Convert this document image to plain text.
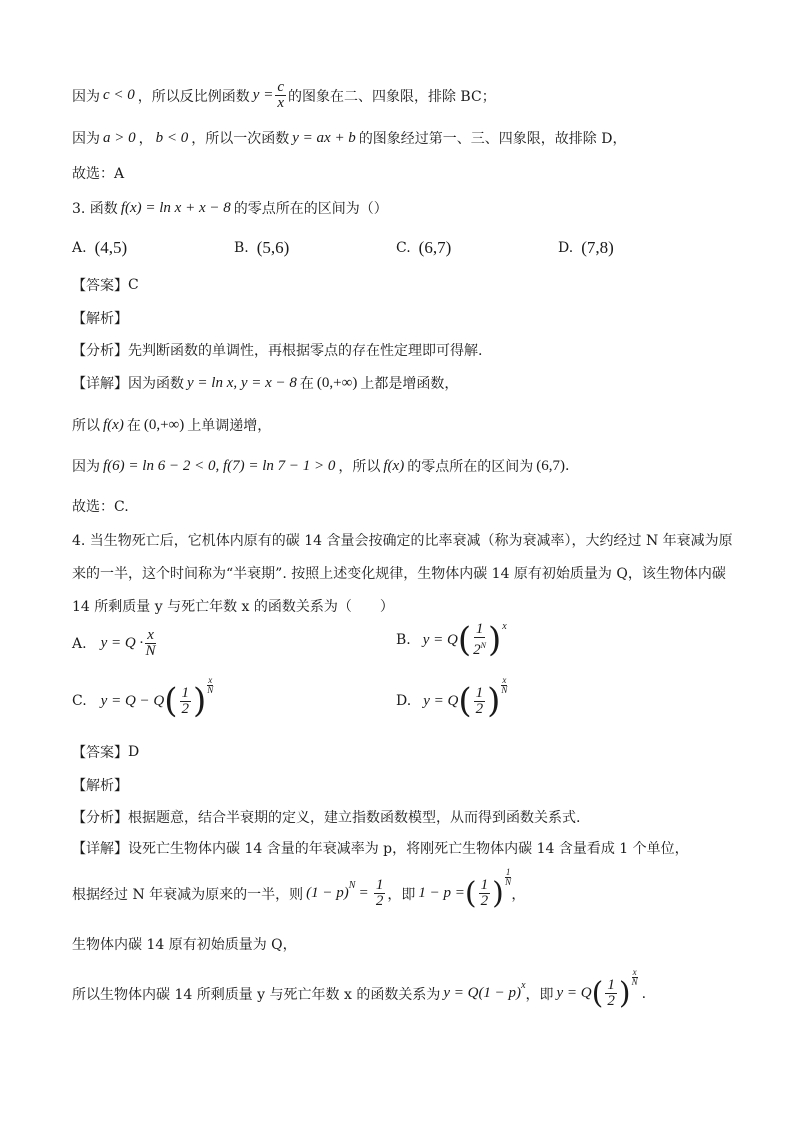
因为 c < 0 ，所以反比例函数 $y = \frac{c}{x}$ 的图象在二、四象限，排除 BC；
因为 a > 0 ， b < 0 ，所以一次函数 y = ax + b 的图象经过第一、三、四象限，故排除 D，
故选：A
3. 函数 f(x) = ln x + x − 8 的零点所在的区间为（）
A. (4,5)	B. (5,6)	C. (6,7)	D. (7,8)
【答案】 C
【解析】
【分析】 先判断函数的单调性，再根据零点的存在性定理即可得解.
【详解】 因为函数 y = ln x, y = x − 8 在 (0,+∞) 上都是增函数，
所以 f(x) 在 (0,+∞) 上单调递增，
因为 f(6) = ln 6 − 2 < 0, f(7) = ln 7 − 1 > 0 ，所以 f(x) 的零点所在的区间为 (6,7) .
故选：C.
4. 当生物死亡后，它机体内原有的碳 14 含量会按确定的比率衰减（称为衰减率），大约经过 N 年衰减为原
来的一半，这个时间称为“半衰期”. 按照上述变化规律，生物体内碳 14 原有初始质量为 Q，该生物体内碳
14 所剩质量 y 与死亡年数 x 的函数关系为（　　）
A. $y = Q \cdot \frac{x}{N}$	B. y = Q ( $\frac{1}{2^N}$ ) x
C. y = Q − Q ( $\frac{1}{2}$ ) $\frac{x}{N}$
D. y = Q ( $\frac{1}{2}$ ) $\frac{x}{N}$
【答案】 D
【解析】
【分析】 根据题意，结合半衰期的定义，建立指数函数模型，从而得到函数关系式.
【详解】 设死亡生物体内碳 14 含量的年衰减率为 p，将刚死亡生物体内碳 14 含量看成 1 个单位，
根据经过 N 年衰减为原来的一半，则 (1 − p) $N = \frac{1}{2}$ ，即 1 − p = ( $\frac{1}{2}$ ) $\frac{1}{N}$
，
生物体内碳 14 原有初始质量为 Q，
所以生物体内碳 14 所剩质量 y 与死亡年数 x 的函数关系为 y = Q(1 − p) x
，即 y = Q ( $\frac{1}{2}$ ) $\frac{x}{N}$
.
